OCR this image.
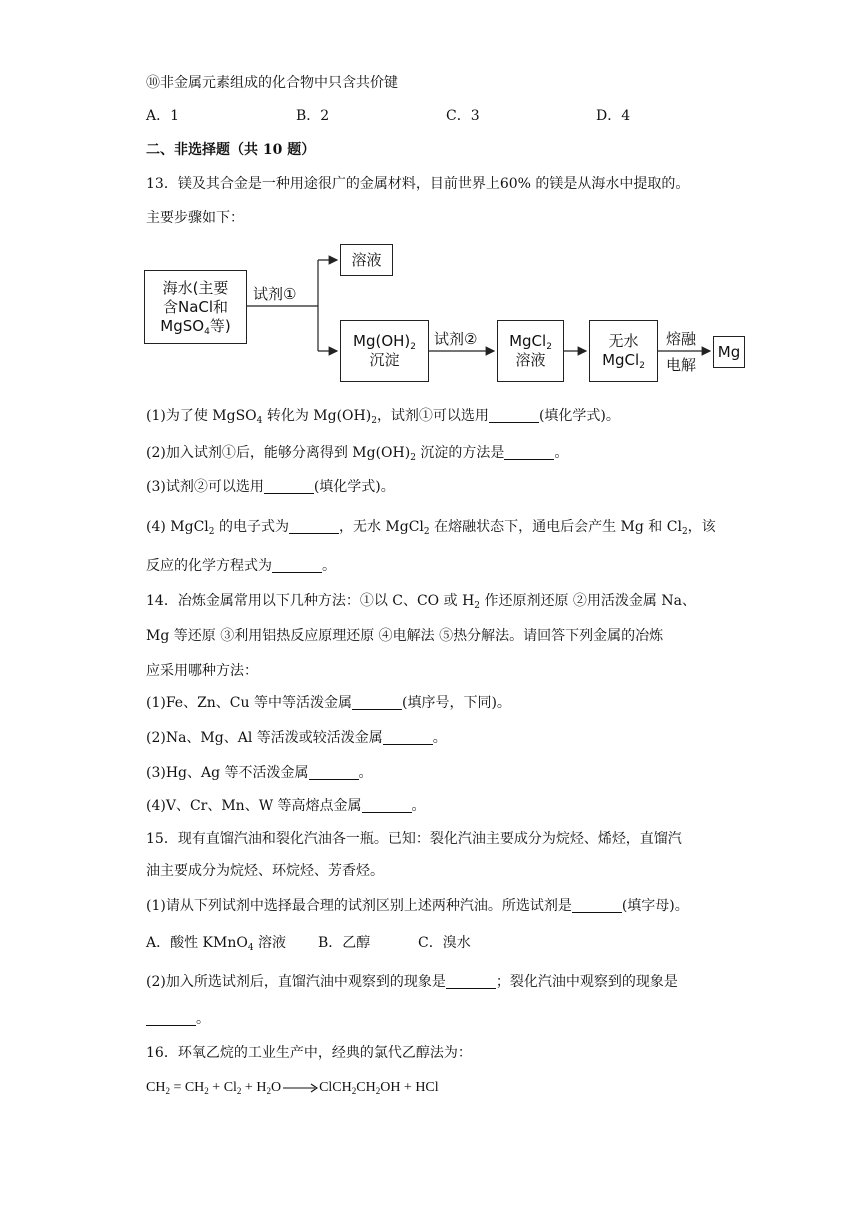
⑩非金属元素组成的化合物中只含共价键
A．1	B．2	C．3	D．4
二、非选择题（共 10 题）
13．镁及其合金是一种用途很广的金属材料，目前世界上60% 的镁是从海水中提取的。
主要步骤如下：
海水(主要
含NaCl和
MgSO$_4$等)
试剂①
溶液
$Mg(OH)_2$
沉淀
试剂② MgCl$_2$
溶液
无水
MgCl$_2$
熔融
电解
Mg
(1)为了使 MgSO$_4$ 转化为 $Mg(OH)_2$，试剂①可以选用	(填化学式)。
(2)加入试剂①后，能够分离得到 $Mg(OH)_2$ 沉淀的方法是	。
(3)试剂②可以选用	(填化学式)。
(4) MgCl$_2$ 的电子式为	，无水 MgCl$_2$ 在熔融状态下，通电后会产生 Mg 和 $Cl_2$，该
反应的化学方程式为	。
14．冶炼金属常用以下几种方法：①以 C、CO 或 $H_2$ 作还原剂还原 ②用活泼金属 Na、
Mg 等还原 ③利用铝热反应原理还原 ④电解法 ⑤热分解法。请回答下列金属的冶炼
应采用哪种方法：
(1)Fe、Zn、Cu 等中等活泼金属	(填序号，下同)。
(2)Na、Mg、Al 等活泼或较活泼金属	。
(3)Hg、Ag 等不活泼金属	。
(4)V、Cr、Mn、W 等高熔点金属	。
15．现有直馏汽油和裂化汽油各一瓶。已知：裂化汽油主要成分为烷烃、烯烃，直馏汽
油主要成分为烷烃、环烷烃、芳香烃。
(1)请从下列试剂中选择最合理的试剂区别上述两种汽油。所选试剂是	(填字母)。
A．酸性 KMnO$_4$ 溶液 B．乙醇	C．溴水
(2)加入所选试剂后，直馏汽油中观察到的现象是	；裂化汽油中观察到的现象是
。
16．环氧乙烷的工业生产中，经典的氯代乙醇法为：
$CH_2 = CH_2 + Cl_2$ + $H_2O\to ClCH_2CH_2OH$ + HCl
